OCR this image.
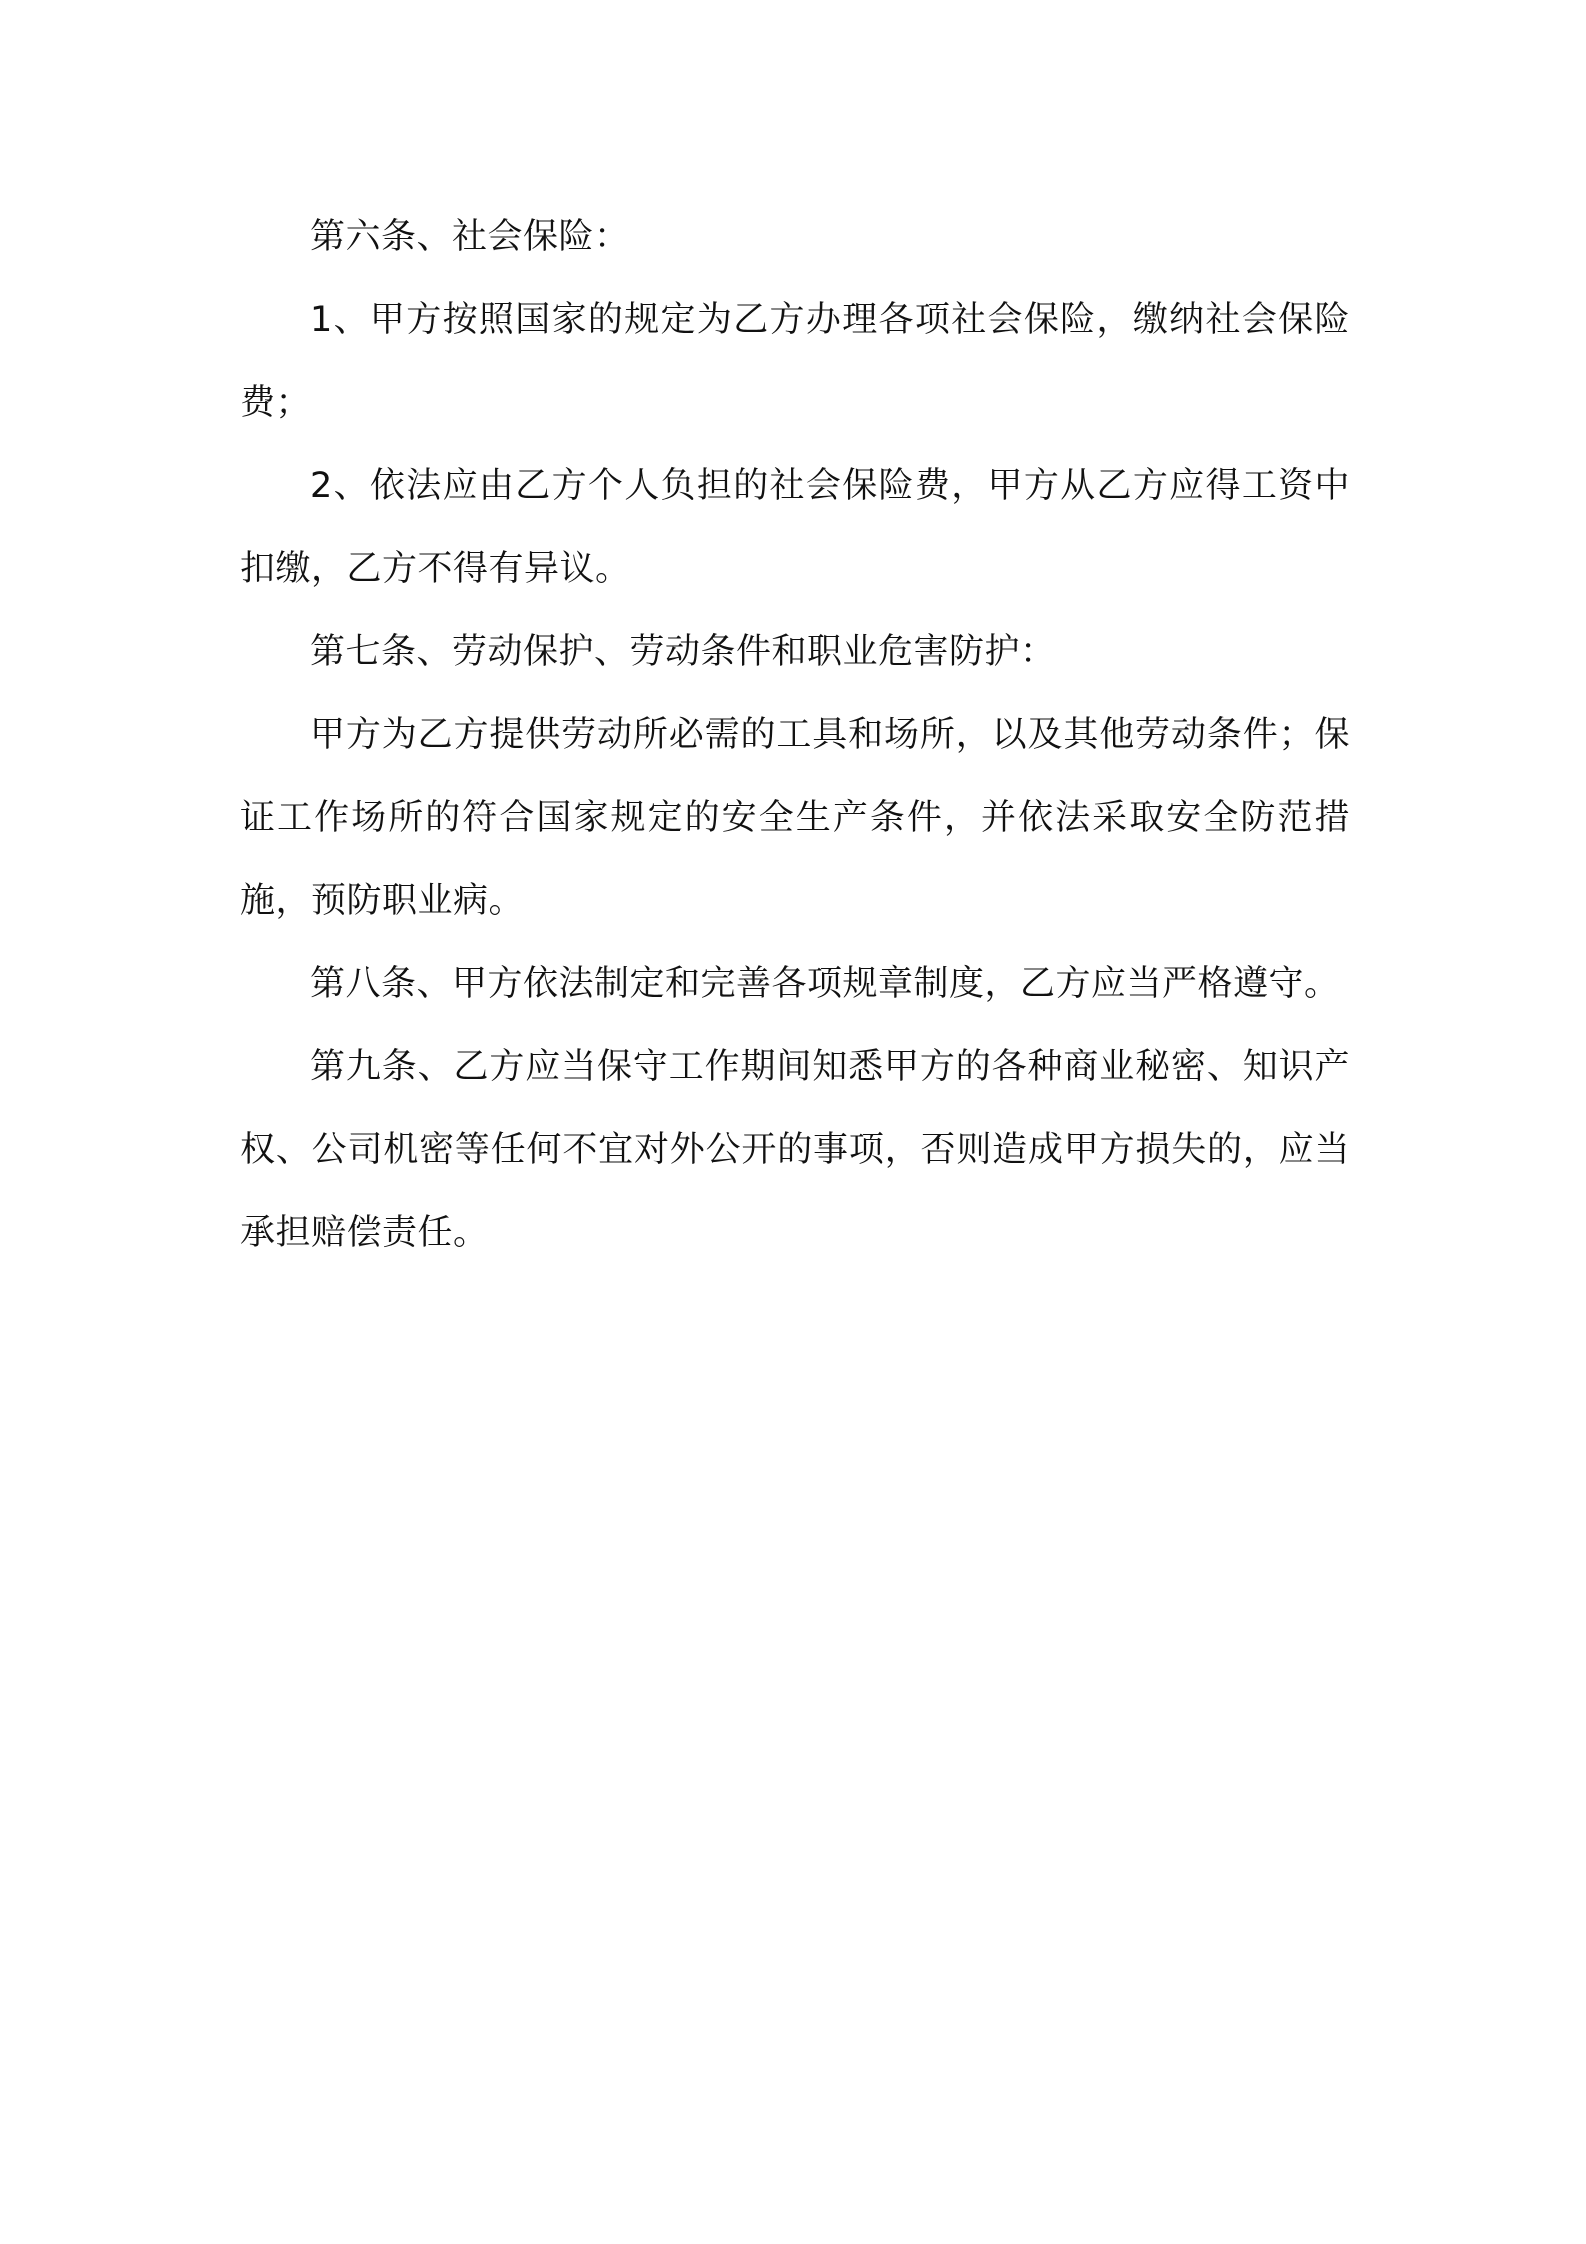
第六条、社会保险：

1、甲方按照国家的规定为乙方办理各项社会保险，缴纳社会保险费；

2、依法应由乙方个人负担的社会保险费，甲方从乙方应得工资中扣缴，乙方不得有异议。

第七条、劳动保护、劳动条件和职业危害防护：

甲方为乙方提供劳动所必需的工具和场所，以及其他劳动条件；保证工作场所的符合国家规定的安全生产条件，并依法采取安全防范措施，预防职业病。

第八条、甲方依法制定和完善各项规章制度，乙方应当严格遵守。

第九条、乙方应当保守工作期间知悉甲方的各种商业秘密、知识产权、公司机密等任何不宜对外公开的事项，否则造成甲方损失的，应当承担赔偿责任。
